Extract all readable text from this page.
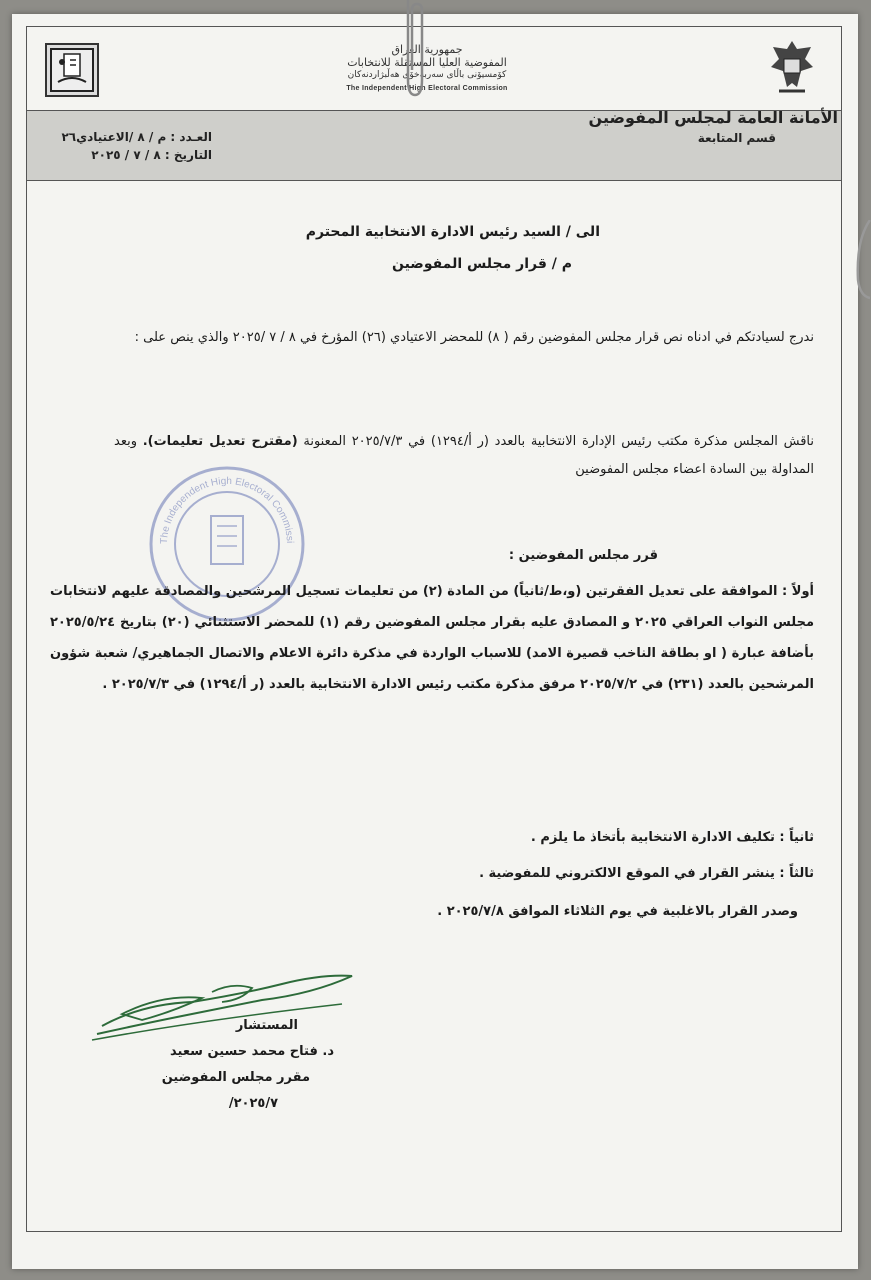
جمهورية العراق
المفوضية العليا المستقلة للانتخابات
کۆمسیۆنی باڵای سەربەخۆی هەڵبژاردنەکان
The Independent High Electoral Commission
الأمانة العامة لمجلس المفوضين
قسم المتابعة
العـدد : م / ٨ /الاعتيادي٢٦
التاريخ : ٨ / ٧ / ٢٠٢٥
الى / السيد رئيس الادارة الانتخابية المحترم
م / قرار مجلس المفوضين
ندرج لسيادتكم في ادناه نص قرار مجلس المفوضين رقم ( ٨) للمحضر الاعتيادي (٢٦) المؤرخ في ٨ / ٧ /٢٠٢٥ والذي ينص على :
ناقش المجلس مذكرة مكتب رئيس الإدارة الانتخابية بالعدد (ر أ/١٢٩٤) في ٢٠٢٥/٧/٣ المعنونة (مقترح تعديل تعليمات). وبعد المداولة بين السادة اعضاء مجلس المفوضين
The Independent High Electoral Commissi
قرر مجلس المفوضين :
أولاً : الموافقة على تعديل الفقرتين (و،ط/ثانياً) من المادة (٢) من تعليمات تسجيل المرشحين والمصادقة عليهم لانتخابات مجلس النواب العراقي ٢٠٢٥ و المصادق عليه بقرار مجلس المفوضين رقم (١) للمحضر الاستثنائي (٢٠) بتاريخ ٢٠٢٥/٥/٢٤ بأضافة عبارة ( او بطاقة الناخب قصيرة الامد) للاسباب الواردة في مذكرة دائرة الاعلام والاتصال الجماهيري/ شعبة شؤون المرشحين بالعدد (٢٣١) في ٢٠٢٥/٧/٢ مرفق مذكرة مكتب رئيس الادارة الانتخابية بالعدد (ر أ/١٢٩٤) في ٢٠٢٥/٧/٣ .
ثانياً : تكليف الادارة الانتخابية بأتخاذ ما يلزم .
ثالثاً : ينشر القرار في الموقع الالكتروني للمفوضية .
وصدر القرار بالاغلبية في يوم الثلاثاء الموافق ٢٠٢٥/٧/٨ .
المستشار
د. فتاح محمد حسين سعيد
مقرر مجلس المفوضين
٢٠٢٥/٧/
